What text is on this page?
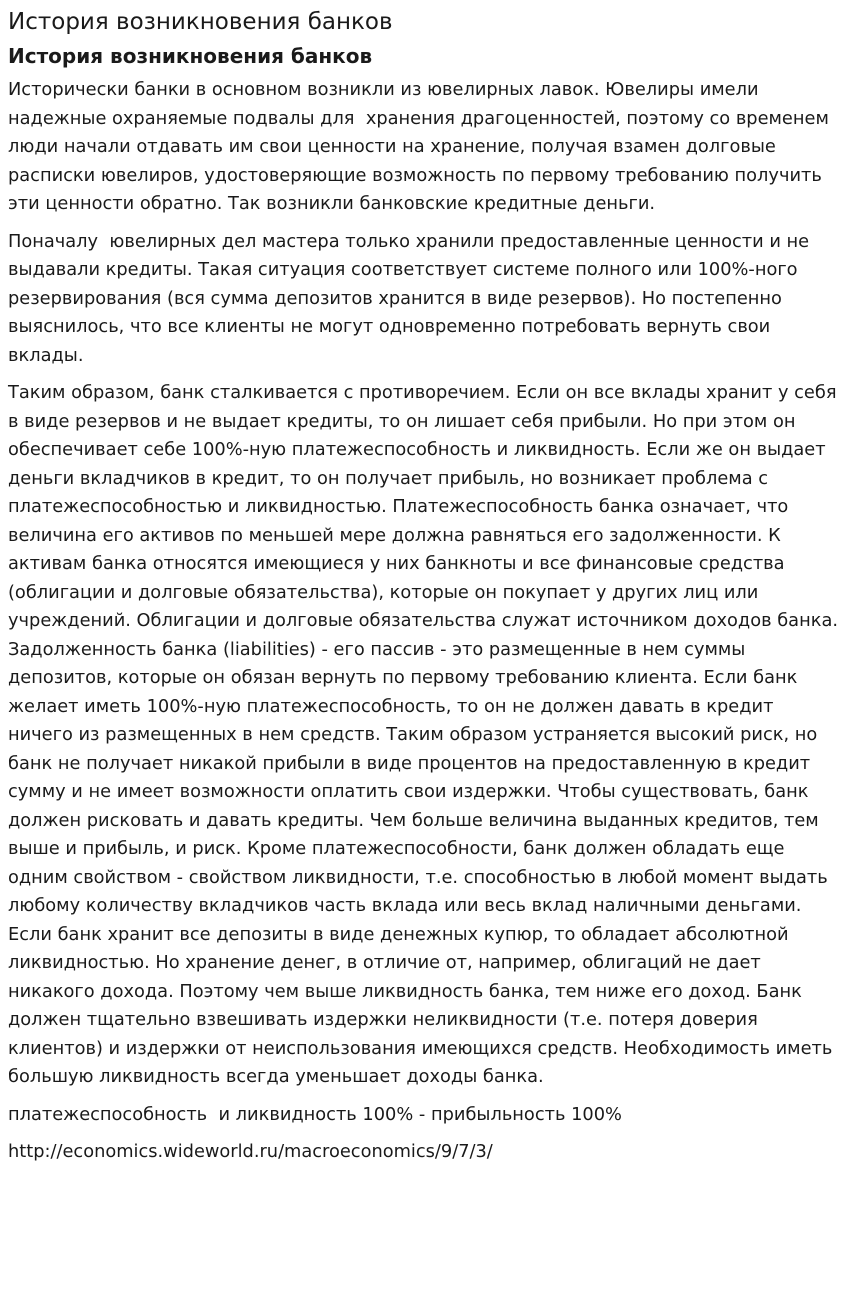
История возникновения банков
История возникновения банков

Исторически банки в основном возникли из ювелирных лавок. Ювелиры имели надежные охраняемые подвалы для  хранения драгоценностей, поэтому со временем люди начали отдавать им свои ценности на хранение, получая взамен долговые расписки ювелиров, удостоверяющие возможность по первому требованию получить эти ценности обратно. Так возникли банковские кредитные деньги.

Поначалу  ювелирных дел мастера только хранили предоставленные ценности и не выдавали кредиты. Такая ситуация соответствует системе полного или 100%-ного резервирования (вся сумма депозитов хранится в виде резервов). Но постепенно выяснилось, что все клиенты не могут одновременно потребовать вернуть свои вклады.

Таким образом, банк сталкивается с противоречием. Если он все вклады хранит у себя в виде резервов и не выдает кредиты, то он лишает себя прибыли. Но при этом он обеспечивает себе 100%-ную платежеспособность и ликвидность. Если же он выдает деньги вкладчиков в кредит, то он получает прибыль, но возникает проблема с платежеспособностью и ликвидностью. Платежеспособность банка означает, что величина его активов по меньшей мере должна равняться его задолженности. К активам банка относятся имеющиеся у них банкноты и все финансовые средства (облигации и долговые обязательства), которые он покупает у других лиц или учреждений. Облигации и долговые обязательства служат источником доходов банка. Задолженность банка (liabilities) - его пассив - это размещенные в нем суммы депозитов, которые он обязан вернуть по первому требованию клиента. Если банк желает иметь 100%-ную платежеспособность, то он не должен давать в кредит ничего из размещенных в нем средств. Таким образом устраняется высокий риск, но банк не получает никакой прибыли в виде процентов на предоставленную в кредит сумму и не имеет возможности оплатить свои издержки. Чтобы существовать, банк должен рисковать и давать кредиты. Чем больше величина выданных кредитов, тем выше и прибыль, и риск. Кроме платежеспособности, банк должен обладать еще одним свойством - свойством ликвидности, т.е. способностью в любой момент выдать любому количеству вкладчиков часть вклада или весь вклад наличными деньгами. Если банк хранит все депозиты в виде денежных купюр, то обладает абсолютной ликвидностью. Но хранение денег, в отличие от, например, облигаций не дает никакого дохода. Поэтому чем выше ликвидность банка, тем ниже его доход. Банк должен тщательно взвешивать издержки неликвидности (т.е. потеря доверия клиентов) и издержки от неиспользования имеющихся средств. Необходимость иметь большую ликвидность всегда уменьшает доходы банка.

платежеспособность  и ликвидность 100% - прибыльность 100%

http://economics.wideworld.ru/macroeconomics/9/7/3/
